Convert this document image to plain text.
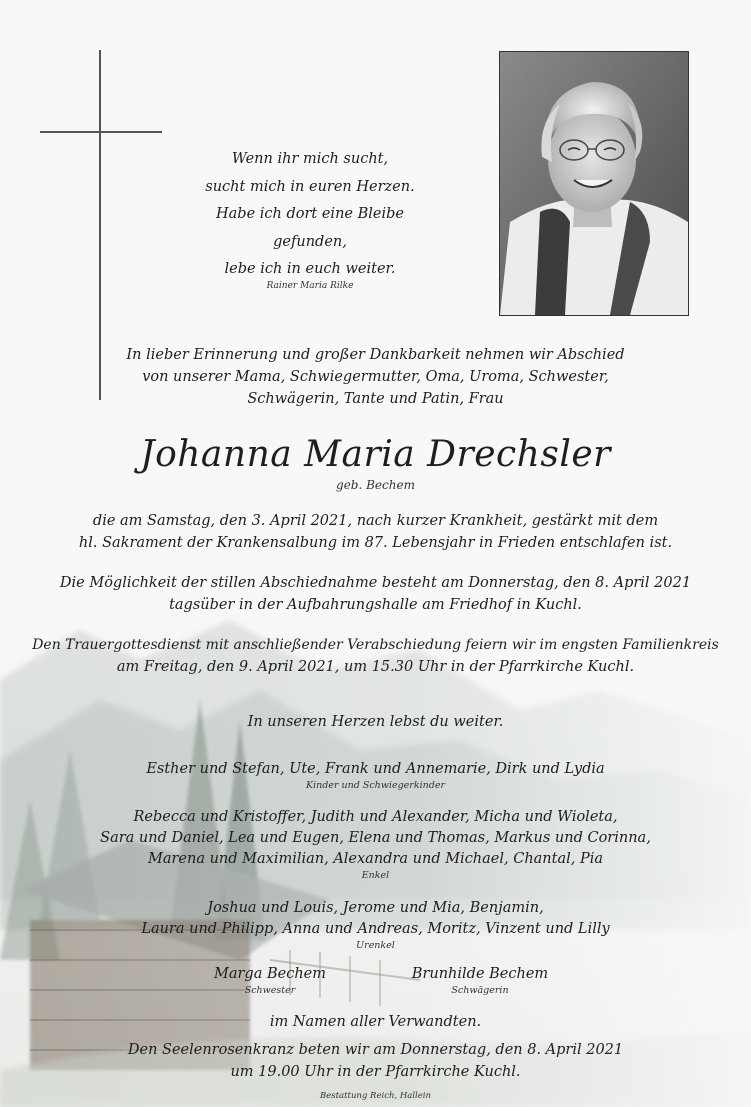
Wenn ihr mich sucht,
sucht mich in euren Herzen.
Habe ich dort eine Bleibe gefunden,
lebe ich in euch weiter.
Rainer Maria Rilke
In lieber Erinnerung und großer Dankbarkeit nehmen wir Abschied
von unserer Mama, Schwiegermutter, Oma, Uroma, Schwester,
Schwägerin, Tante und Patin, Frau
Johanna Maria Drechsler
geb. Bechem
die am Samstag, den 3. April 2021, nach kurzer Krankheit, gestärkt mit dem
hl. Sakrament der Krankensalbung im 87. Lebensjahr in Frieden entschlafen ist.
Die Möglichkeit der stillen Abschiednahme besteht am Donnerstag, den 8. April 2021
tagsüber in der Aufbahrungshalle am Friedhof in Kuchl.
Den Trauergottesdienst mit anschließender Verabschiedung feiern wir im engsten Familienkreis
am Freitag, den 9. April 2021, um 15.30 Uhr in der Pfarrkirche Kuchl.
In unseren Herzen lebst du weiter.
Esther und Stefan, Ute, Frank und Annemarie, Dirk und Lydia
Kinder und Schwiegerkinder
Rebecca und Kristoffer, Judith und Alexander, Micha und Wioleta,
Sara und Daniel, Lea und Eugen, Elena und Thomas, Markus und Corinna,
Marena und Maximilian, Alexandra und Michael, Chantal, Pia
Enkel
Joshua und Louis, Jerome und Mia, Benjamin,
Laura und Philipp, Anna und Andreas, Moritz, Vinzent und Lilly
Urenkel
Marga Bechem
Schwester
Brunhilde Bechem
Schwägerin
im Namen aller Verwandten.
Den Seelenrosenkranz beten wir am Donnerstag, den 8. April 2021
um 19.00 Uhr in der Pfarrkirche Kuchl.
Bestattung Reich, Hallein
